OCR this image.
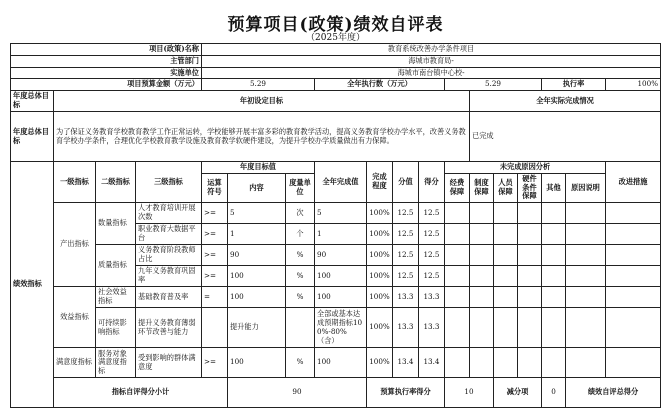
预算项目(政策)绩效自评表
（2025年度）
项目(政策)名称				教育系统改善办学条件项目														
主管部门				海城市教育局-														
实施单位				海城市南台镇中心校-														
项目预算金额（万元）				5.29			全年执行数（万元）				5.29				执行率		100%	
年度总体目标	年初设定目标											全年实际完成情况						
年度总体目标	为了保证义务教育学校教育教学工作正常运转，学校能够开展丰富多彩的教育教学活动，提高义务教育学校办学水平，改善义务教育学校办学条件，合理优化学校教育教学设施及教育教学软硬件建设，为提升学校办学质量做出有力保障。											已完成						
绩效指标	一级指标	二级指标	三级指标	年度目标值			全年完成值	完成程度	分值	得分	未完成原因分析						改进措施	
				运算符号	内容	度量单位					经费保障	制度保障	人员保障	硬件条件保障	其他	原因说明		
	产出指标	数量指标	人才教育培训开展次数	>=	5	次	5	100%	12.5	12.5								
			职业教育大数据平台	>=	1	个	1	100%	12.5	12.5								
		质量指标	义务教育阶段教师占比	>=	90	%	90	100%	12.5	12.5								
			九年义务教育巩固率	>=	100	%	100	100%	12.5	12.5								
	效益指标	社会效益指标	基础教育普及率	=	100	%	100	100%	13.3	13.3								
		可持续影响指标	提升义务教育薄弱环节改善与能力		提升能力		全部或基本达成预期指标100%-80%（含）	100%	13.3	13.3								
	满意度指标	服务对象满意度指标	受到影响的群体满意度	>=	100	%	100	100%	13.4	13.4								
	指标自评得分小计				90			预算执行率得分			10		减分项		0	绩效自评总得分	
